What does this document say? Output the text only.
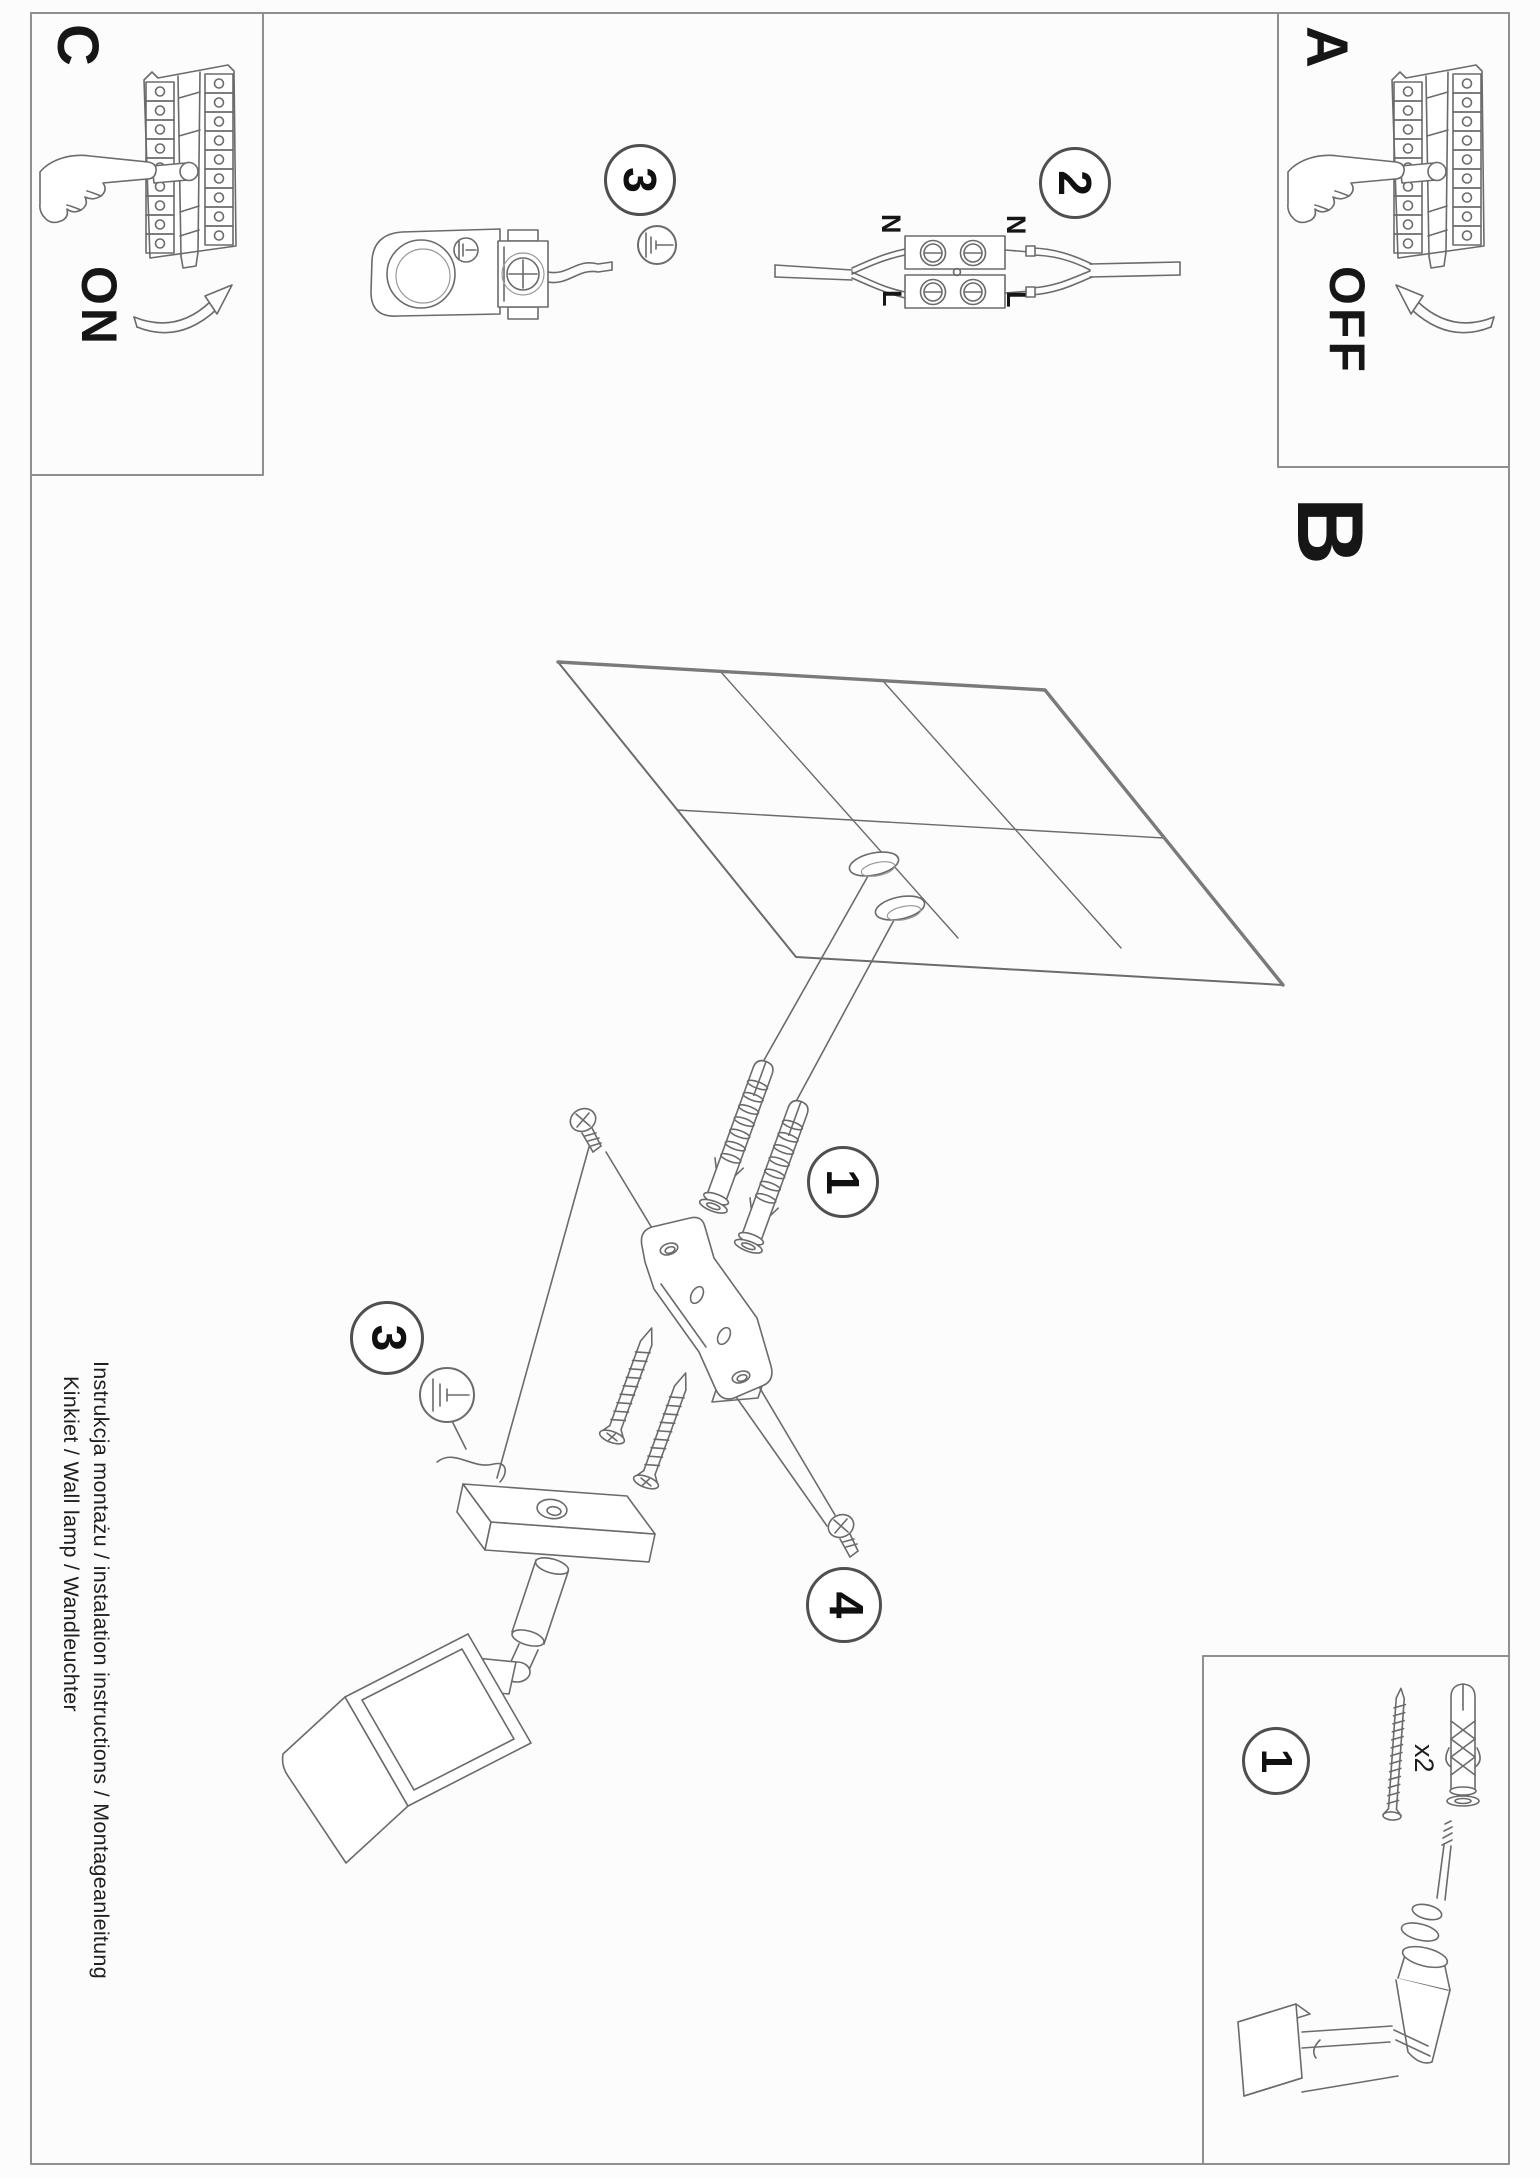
C
ON
A
OFF
B
N	N
L	L
3	2
1
3
4
1	x2
Instrukcja montażu / instalation instructions / Montageanleitung
Kinkiet / Wall lamp / Wandleuchter
